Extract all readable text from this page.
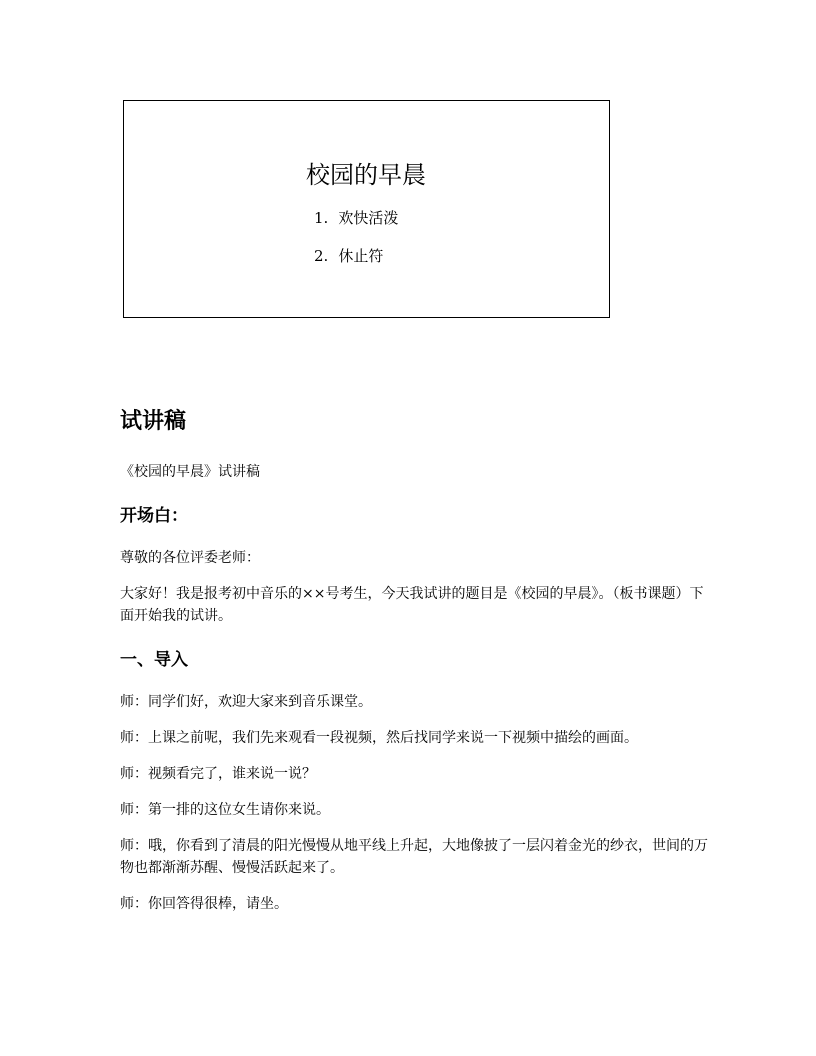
校园的早晨
1. 欢快活泼
2. 休止符
试讲稿

《校园的早晨》试讲稿

开场白：

尊敬的各位评委老师：

大家好！我是报考初中音乐的××号考生，今天我试讲的题目是《校园的早晨》。（板书课题）下面开始我的试讲。

一、导入

师：同学们好，欢迎大家来到音乐课堂。

师：上课之前呢，我们先来观看一段视频，然后找同学来说一下视频中描绘的画面。

师：视频看完了，谁来说一说？

师：第一排的这位女生请你来说。

师：哦，你看到了清晨的阳光慢慢从地平线上升起，大地像披了一层闪着金光的纱衣，世间的万物也都渐渐苏醒、慢慢活跃起来了。

师：你回答得很棒，请坐。
